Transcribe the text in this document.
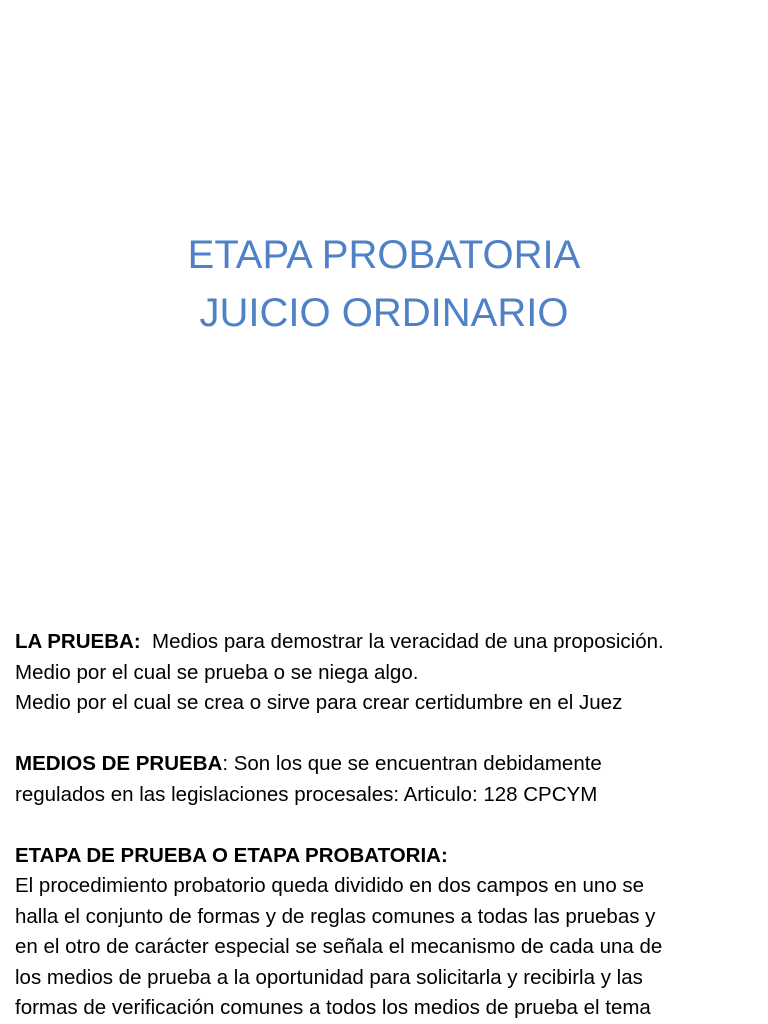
ETAPA PROBATORIA
JUICIO ORDINARIO

LA PRUEBA:  Medios para demostrar la veracidad de una proposición.

Medio por el cual se prueba o se niega algo.

Medio por el cual se crea o sirve para crear certidumbre en el Juez

MEDIOS DE PRUEBA: Son los que se encuentran debidamente

regulados en las legislaciones procesales: Articulo: 128 CPCYM

ETAPA DE PRUEBA O ETAPA PROBATORIA:

El procedimiento probatorio queda dividido en dos campos en uno se

halla el conjunto de formas y de reglas comunes a todas las pruebas y

en el otro de carácter especial se señala el mecanismo de cada una de

los medios de prueba a la oportunidad para solicitarla y recibirla y las

formas de verificación comunes a todos los medios de prueba el tema
